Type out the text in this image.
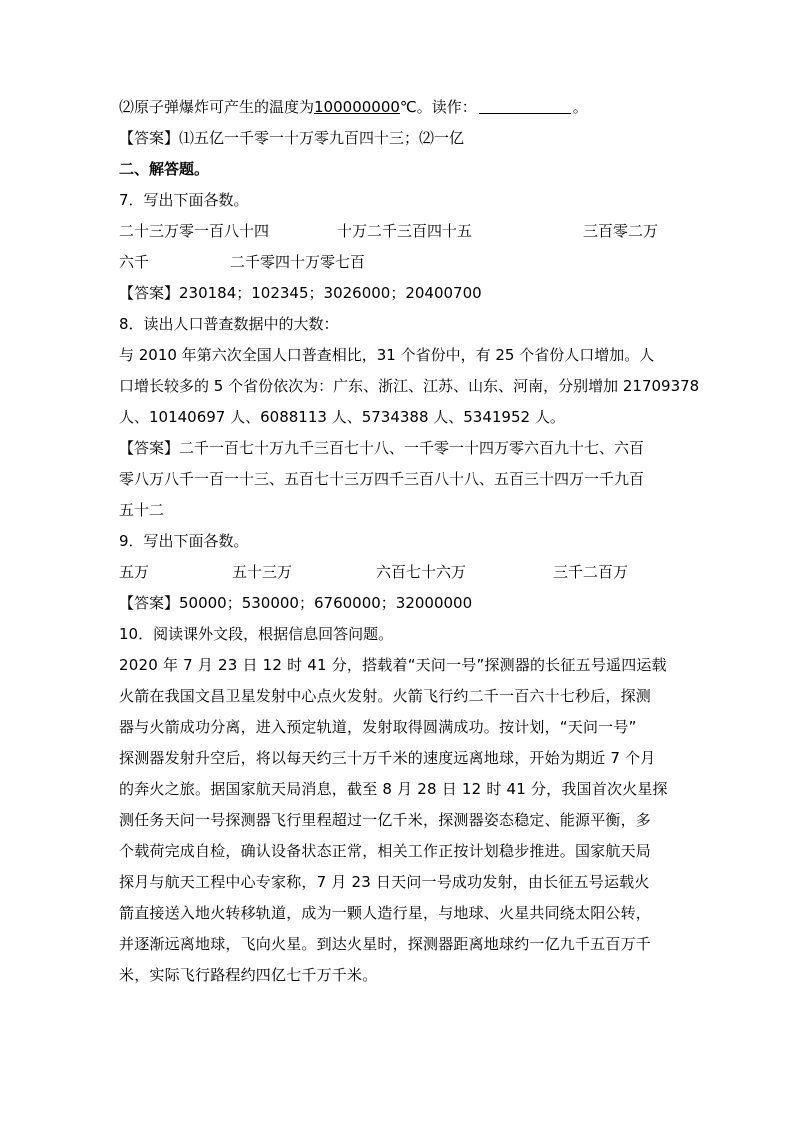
⑵原子弹爆炸可产生的温度为100000000℃。读作：	。
【答案】⑴五亿一千零一十万零九百四十三；⑵一亿
二、解答题。
7．写出下面各数。
二十三万零一百八十四	十万二千三百四十五	三百零二万
六千	二千零四十万零七百
【答案】230184；102345；3026000；20400700
8．读出人口普查数据中的大数：
与 2010 年第六次全国人口普查相比，31 个省份中，有 25 个省份人口增加。人
口增长较多的 5 个省份依次为：广东、浙江、江苏、山东、河南，分别增加 21709378
人、10140697 人、6088113 人、5734388 人、5341952 人。
【答案】二千一百七十万九千三百七十八、一千零一十四万零六百九十七、六百
零八万八千一百一十三、五百七十三万四千三百八十八、五百三十四万一千九百
五十二
9．写出下面各数。
五万	五十三万	六百七十六万	三千二百万
【答案】50000；530000；6760000；32000000
10．阅读课外文段，根据信息回答问题。
2020 年 7 月 23 日 12 时 41 分，搭载着“天问一号”探测器的长征五号遥四运载
火箭在我国文昌卫星发射中心点火发射。火箭飞行约二千一百六十七秒后，探测
器与火箭成功分离，进入预定轨道，发射取得圆满成功。按计划，“天问一号”
探测器发射升空后，将以每天约三十万千米的速度远离地球，开始为期近 7 个月
的奔火之旅。据国家航天局消息，截至 8 月 28 日 12 时 41 分，我国首次火星探
测任务天问一号探测器飞行里程超过一亿千米，探测器姿态稳定、能源平衡，多
个载荷完成自检，确认设备状态正常，相关工作正按计划稳步推进。国家航天局
探月与航天工程中心专家称，7 月 23 日天问一号成功发射，由长征五号运载火
箭直接送入地火转移轨道，成为一颗人造行星，与地球、火星共同绕太阳公转，
并逐渐远离地球，飞向火星。到达火星时，探测器距离地球约一亿九千五百万千
米，实际飞行路程约四亿七千万千米。
